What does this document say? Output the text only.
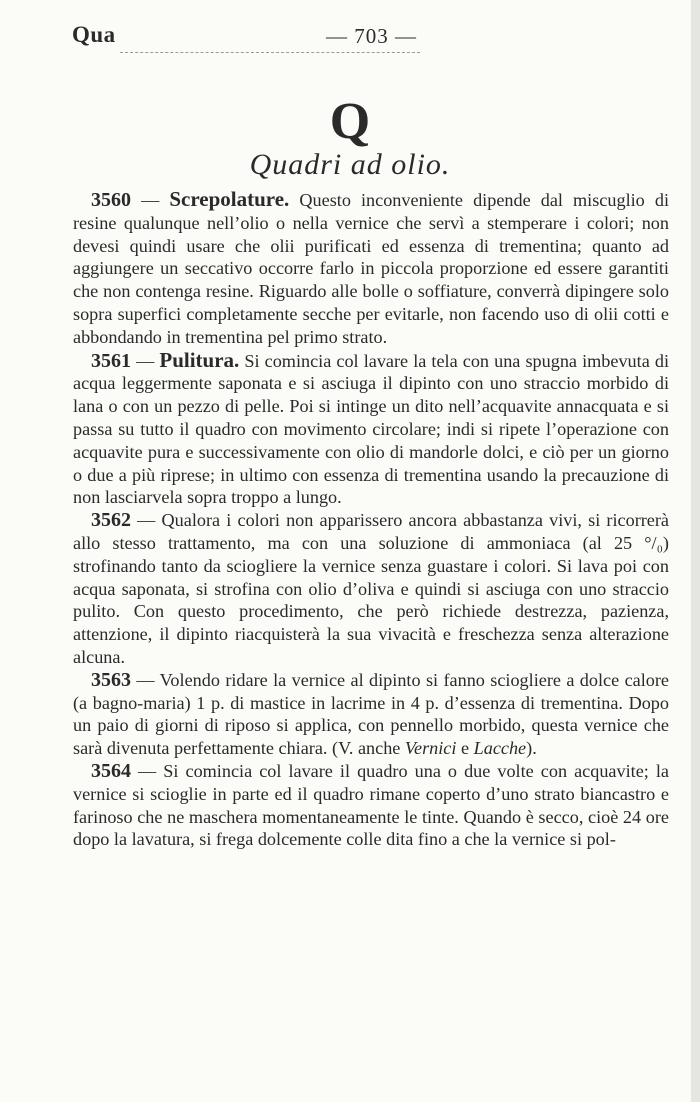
Qua	— 703 —
Q
Quadri ad olio.

3560 — Screpolature. Questo inconveniente dipende dal miscuglio di resine qualunque nell’olio o nella vernice che servì a stemperare i colori; non devesi quindi usare che olii purificati ed essenza di trementina; quanto ad aggiungere un seccativo occorre farlo in piccola proporzione ed essere garantiti che non contenga resine. Riguardo alle bolle o soffiature, converrà dipingere solo sopra superfici completamente secche per evitarle, non facendo uso di olii cotti e abbondando in trementina pel primo strato.

3561 — Pulitura. Si comincia col lavare la tela con una spugna imbevuta di acqua leggermente saponata e si asciuga il dipinto con uno straccio morbido di lana o con un pezzo di pelle. Poi si intinge un dito nell’acquavite annacquata e si passa su tutto il quadro con movimento circolare; indi si ripete l’operazione con acquavite pura e successivamente con olio di mandorle dolci, e ciò per un giorno o due a più riprese; in ultimo con essenza di trementina usando la precauzione di non lasciarvela sopra troppo a lungo.

3562 — Qualora i colori non apparissero ancora abbastanza vivi, si ricorrerà allo stesso trattamento, ma con una soluzione di ammoniaca (al 25 °/₀) strofinando tanto da sciogliere la vernice senza guastare i colori. Si lava poi con acqua saponata, si strofina con olio d’oliva e quindi si asciuga con uno straccio pulito. Con questo procedimento, che però richiede destrezza, pazienza, attenzione, il dipinto riacquisterà la sua vivacità e freschezza senza alterazione alcuna.

3563 — Volendo ridare la vernice al dipinto si fanno sciogliere a dolce calore (a bagno-maria) 1 p. di mastice in lacrime in 4 p. d’essenza di trementina. Dopo un paio di giorni di riposo si applica, con pennello morbido, questa vernice che sarà divenuta perfettamente chiara. (V. anche Vernici e Lacche).

3564 — Si comincia col lavare il quadro una o due volte con acquavite; la vernice si scioglie in parte ed il quadro rimane coperto d’uno strato biancastro e farinoso che ne maschera momentaneamente le tinte. Quando è secco, cioè 24 ore dopo la lavatura, si frega dolcemente colle dita fino a che la vernice si pol-
